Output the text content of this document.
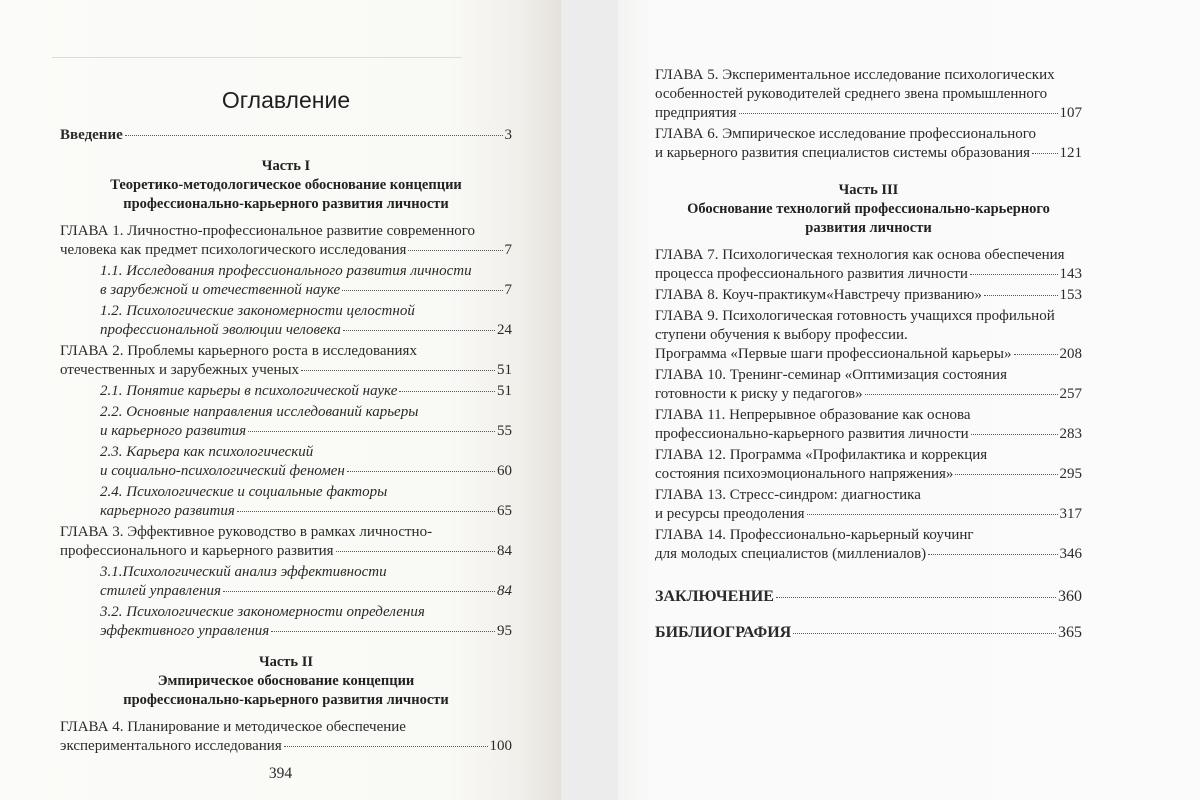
Оглавление
Введение	3
Часть I
Теоретико-методологическое обоснование концепции
профессионально-карьерного развития личности
ГЛАВА 1. Личностно-профессиональное развитие современного
человека как предмет психологического исследования	7
1.1. Исследования профессионального развития личности
в зарубежной и отечественной науке	7
1.2. Психологические закономерности целостной
профессиональной эволюции человека	24
ГЛАВА 2. Проблемы карьерного роста в исследованиях
отечественных и зарубежных ученых	51
2.1. Понятие карьеры в психологической науке	51
2.2. Основные направления исследований карьеры
и карьерного развития	55
2.3. Карьера как психологический
и социально-психологический феномен	60
2.4. Психологические и социальные факторы
карьерного развития	65
ГЛАВА 3. Эффективное руководство в рамках личностно-
профессионального и карьерного развития	84
3.1.Психологический анализ эффективности
стилей управления	84
3.2. Психологические закономерности определения
эффективного управления	95
Часть II
Эмпирическое обоснование концепции
профессионально-карьерного развития личности
ГЛАВА 4. Планирование и методическое обеспечение
экспериментального исследования	100
394
ГЛАВА 5. Экспериментальное исследование психологических
особенностей руководителей среднего звена промышленного
предприятия	107
ГЛАВА 6. Эмпирическое исследование профессионального
и карьерного развития специалистов системы образования 121
Часть III
Обоснование технологий профессионально-карьерного
развития личности
ГЛАВА 7. Психологическая технология как основа обеспечения
процесса профессионального развития личности	143
ГЛАВА 8. Коуч-практикум«Навстречу призванию»	153
ГЛАВА 9. Психологическая готовность учащихся профильной
ступени обучения к выбору профессии.
Программа «Первые шаги профессиональной карьеры»	208
ГЛАВА 10. Тренинг-семинар «Оптимизация состояния
готовности к риску у педагогов»	257
ГЛАВА 11. Непрерывное образование как основа
профессионально-карьерного развития личности	283
ГЛАВА 12. Программа «Профилактика и коррекция
состояния психоэмоционального напряжения»	295
ГЛАВА 13. Стресс-синдром: диагностика
и ресурсы преодоления	317
ГЛАВА 14. Профессионально-карьерный коучинг
для молодых специалистов (миллениалов)	346
ЗАКЛЮЧЕНИЕ	360
БИБЛИОГРАФИЯ	365
